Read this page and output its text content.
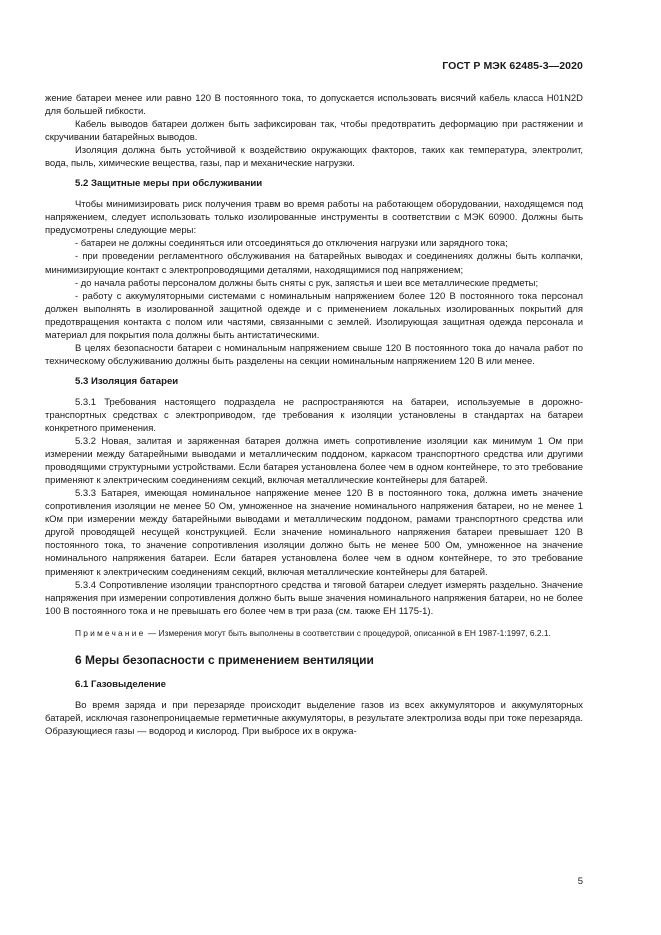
ГОСТ Р МЭК 62485-3—2020

жение батареи менее или равно 120 В постоянного тока, то допускается использовать висячий кабель класса H01N2D для большей гибкости.

Кабель выводов батареи должен быть зафиксирован так, чтобы предотвратить деформацию при растяжении и скручивании батарейных выводов.

Изоляция должна быть устойчивой к воздействию окружающих факторов, таких как температура, электролит, вода, пыль, химические вещества, газы, пар и механические нагрузки.

5.2 Защитные меры при обслуживании

Чтобы минимизировать риск получения травм во время работы на работающем оборудовании, находящемся под напряжением, следует использовать только изолированные инструменты в соответствии с МЭК 60900. Должны быть предусмотрены следующие меры:

- батареи не должны соединяться или отсоединяться до отключения нагрузки или зарядного тока;

- при проведении регламентного обслуживания на батарейных выводах и соединениях должны быть колпачки, минимизирующие контакт с электропроводящими деталями, находящимися под напряжением;

- до начала работы персоналом должны быть сняты с рук, запястья и шеи все металлические предметы;

- работу с аккумуляторными системами с номинальным напряжением более 120 В постоянного тока персонал должен выполнять в изолированной защитной одежде и с применением локальных изолированных покрытий для предотвращения контакта с полом или частями, связанными с землей. Изолирующая защитная одежда персонала и материал для покрытия пола должны быть антистатическими.

В целях безопасности батареи с номинальным напряжением свыше 120 В постоянного тока до начала работ по техническому обслуживанию должны быть разделены на секции номинальным напряжением 120 В или менее.

5.3 Изоляция батареи

5.3.1 Требования настоящего подраздела не распространяются на батареи, используемые в дорожно-транспортных средствах с электроприводом, где требования к изоляции установлены в стандартах на батареи конкретного применения.

5.3.2 Новая, залитая и заряженная батарея должна иметь сопротивление изоляции как минимум 1 Ом при измерении между батарейными выводами и металлическим поддоном, каркасом транспортного средства или другими проводящими структурными устройствами. Если батарея установлена более чем в одном контейнере, то это требование применяют к электрическим соединениям секций, включая металлические контейнеры для батарей.

5.3.3 Батарея, имеющая номинальное напряжение менее 120 В в постоянного тока, должна иметь значение сопротивления изоляции не менее 50 Ом, умноженное на значение номинального напряжения батареи, но не менее 1 кОм при измерении между батарейными выводами и металлическим поддоном, рамами транспортного средства или другой проводящей несущей конструкцией. Если значение номинального напряжения батареи превышает 120 В постоянного тока, то значение сопротивления изоляции должно быть не менее 500 Ом, умноженное на значение номинального напряжения батареи. Если батарея установлена более чем в одном контейнере, то это требование применяют к электрическим соединениям секций, включая металлические контейнеры для батарей.

5.3.4 Сопротивление изоляции транспортного средства и тяговой батареи следует измерять раздельно. Значение напряжения при измерении сопротивления должно быть выше значения номинального напряжения батареи, но не более 100 В постоянного тока и не превышать его более чем в три раза (см. также ЕН 1175-1).

Примечание — Измерения могут быть выполнены в соответствии с процедурой, описанной в ЕН 1987-1:1997, 6.2.1.

6 Меры безопасности с применением вентиляции
6.1 Газовыделение

Во время заряда и при перезаряде происходит выделение газов из всех аккумуляторов и аккумуляторных батарей, исключая газонепроницаемые герметичные аккумуляторы, в результате электролиза воды при токе перезаряда. Образующиеся газы — водород и кислород. При выбросе их в окружа-

5
